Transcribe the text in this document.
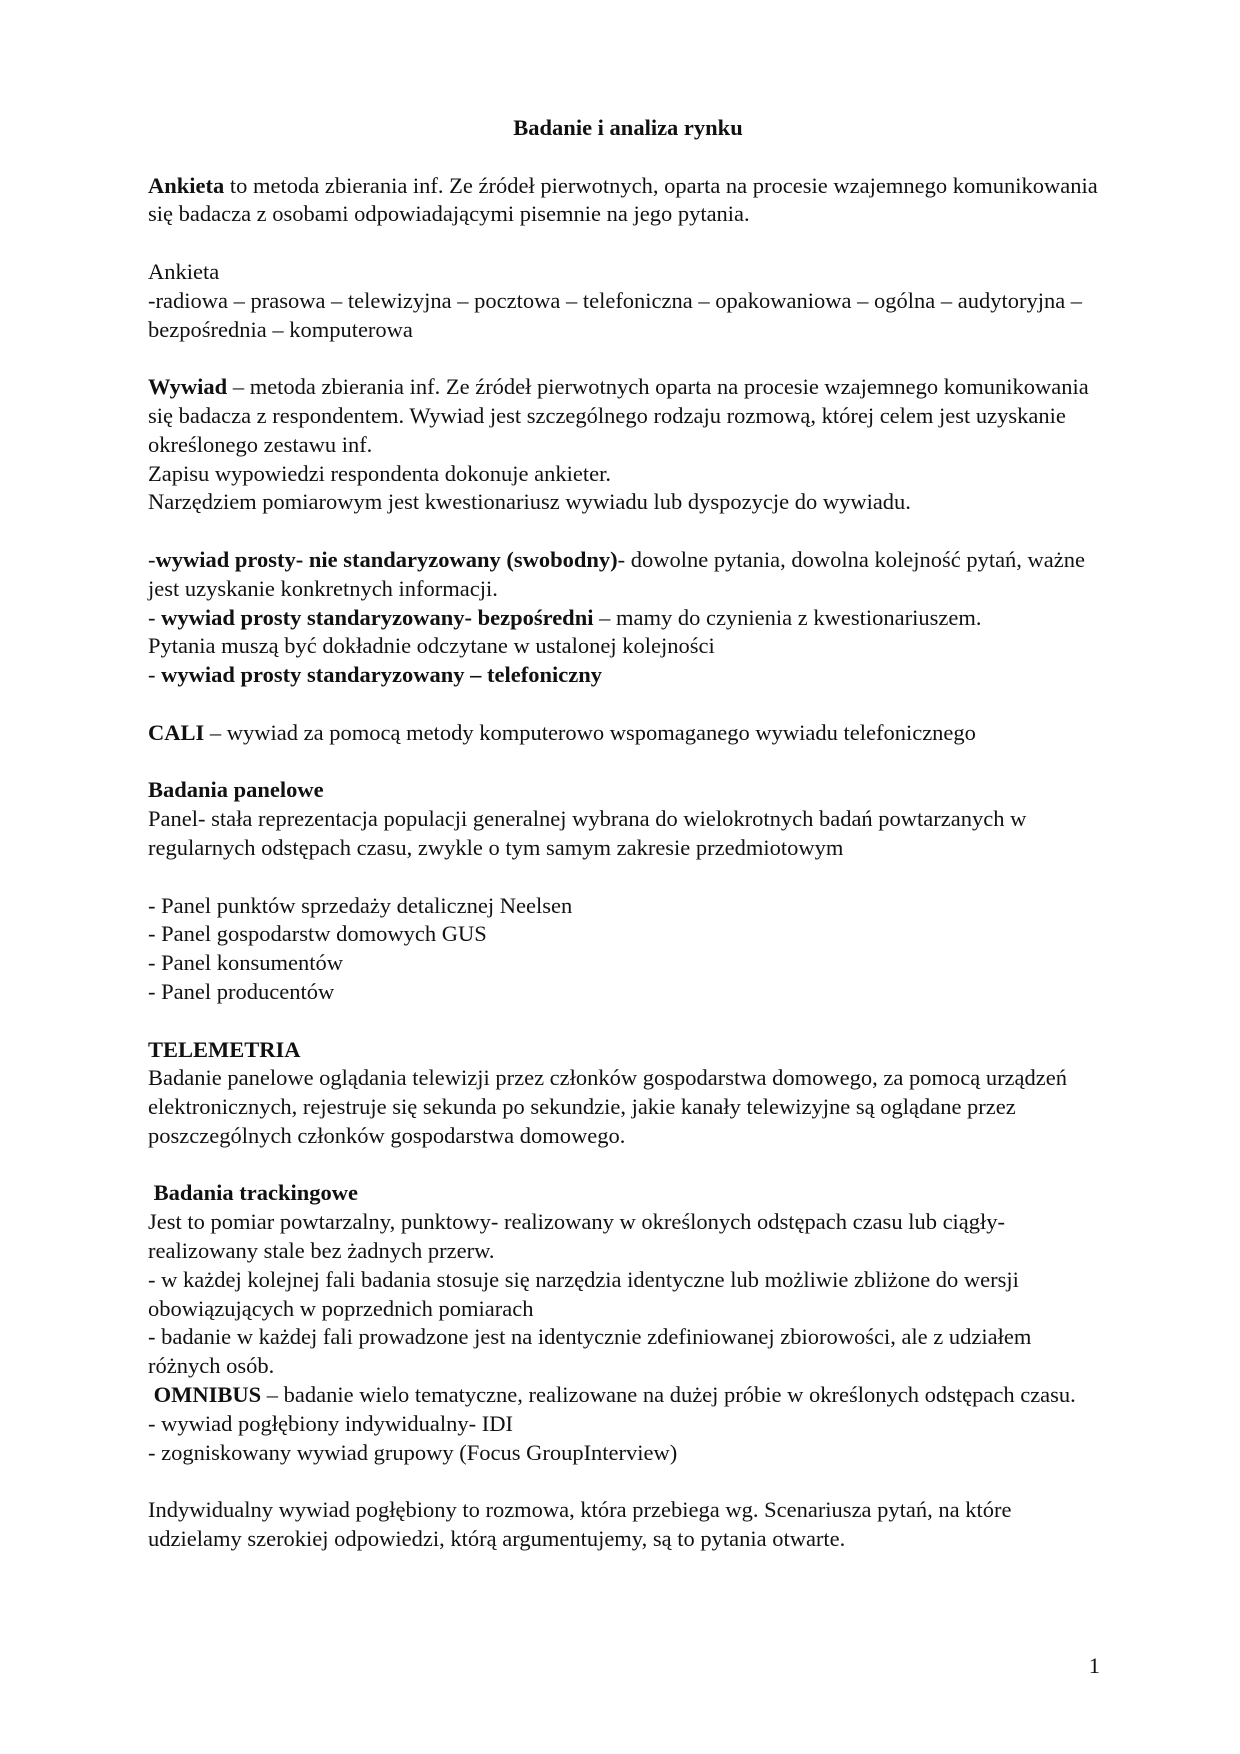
Badanie i analiza rynku

Ankieta to metoda zbierania inf. Ze źródeł pierwotnych, oparta na procesie wzajemnego komunikowania się badacza z osobami odpowiadającymi pisemnie na jego pytania.

Ankieta

-radiowa – prasowa – telewizyjna – pocztowa – telefoniczna – opakowaniowa – ogólna – audytoryjna – bezpośrednia – komputerowa

Wywiad – metoda zbierania inf. Ze źródeł pierwotnych oparta na procesie wzajemnego komunikowania się badacza z respondentem. Wywiad jest szczególnego rodzaju rozmową, której celem jest uzyskanie określonego zestawu inf.

Zapisu wypowiedzi respondenta dokonuje ankieter.

Narzędziem pomiarowym jest kwestionariusz wywiadu lub dyspozycje do wywiadu.

-wywiad prosty- nie standaryzowany (swobodny)- dowolne pytania, dowolna kolejność pytań, ważne jest uzyskanie konkretnych informacji.

- wywiad prosty standaryzowany- bezpośredni – mamy do czynienia z kwestionariuszem.

Pytania muszą być dokładnie odczytane w ustalonej kolejności

- wywiad prosty standaryzowany – telefoniczny

CALI – wywiad za pomocą metody komputerowo wspomaganego wywiadu telefonicznego

Badania panelowe

Panel- stała reprezentacja populacji generalnej wybrana do wielokrotnych badań powtarzanych w regularnych odstępach czasu, zwykle o tym samym zakresie przedmiotowym

- Panel punktów sprzedaży detalicznej Neelsen

- Panel gospodarstw domowych GUS

- Panel konsumentów

- Panel producentów

TELEMETRIA

Badanie panelowe oglądania telewizji przez członków gospodarstwa domowego, za pomocą urządzeń elektronicznych, rejestruje się sekunda po sekundzie, jakie kanały telewizyjne są oglądane przez poszczególnych członków gospodarstwa domowego.

Badania trackingowe

Jest to pomiar powtarzalny, punktowy- realizowany w określonych odstępach czasu lub ciągły- realizowany stale bez żadnych przerw.

- w każdej kolejnej fali badania stosuje się narzędzia identyczne lub możliwie zbliżone do wersji obowiązujących w poprzednich pomiarach

- badanie w każdej fali prowadzone jest na identycznie zdefiniowanej zbiorowości, ale z udziałem różnych osób.

OMNIBUS – badanie wielo tematyczne, realizowane na dużej próbie w określonych odstępach czasu.

- wywiad pogłębiony indywidualny- IDI

- zogniskowany wywiad grupowy (Focus GroupInterview)

Indywidualny wywiad pogłębiony to rozmowa, która przebiega wg. Scenariusza pytań, na które udzielamy szerokiej odpowiedzi, którą argumentujemy, są to pytania otwarte.

1
